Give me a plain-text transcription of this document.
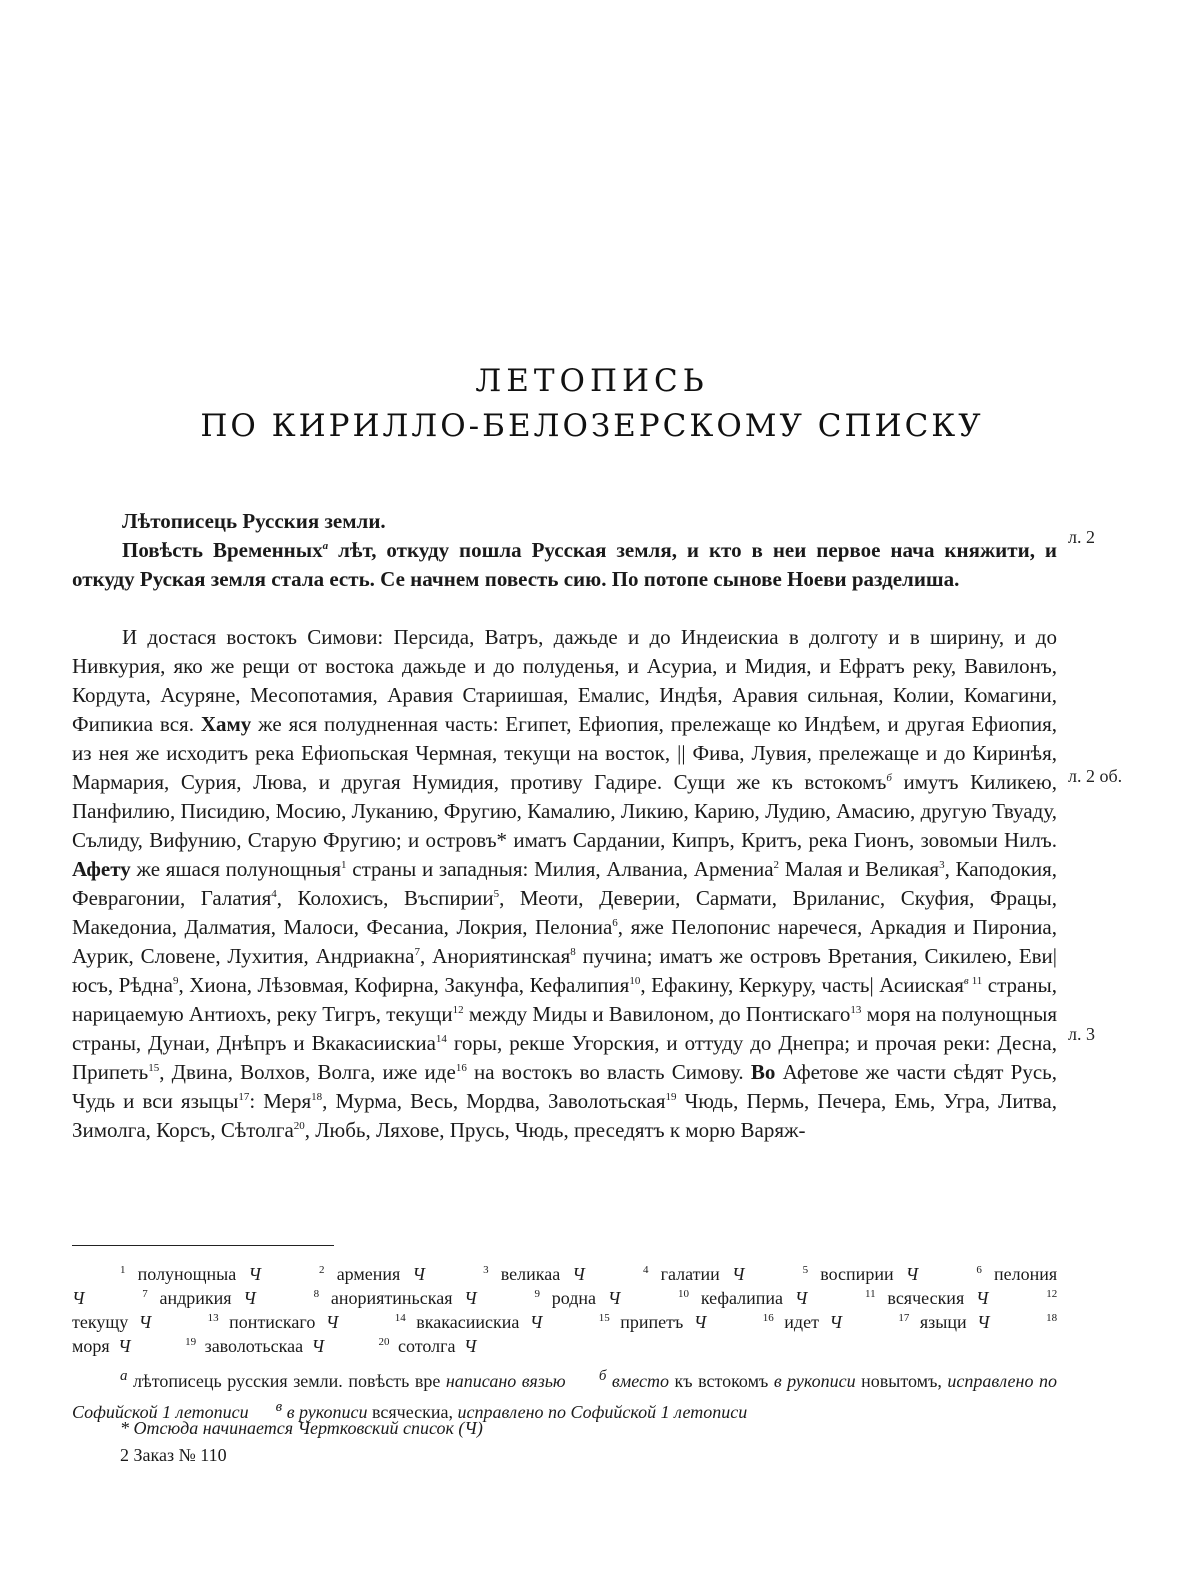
ЛЕТОПИСЬ
ПО КИРИЛЛО-БЕЛОЗЕРСКОМУ СПИСКУ
л. 2
л. 2 об.
л. 3

Лѣтописець Русския земли.

Повѣсть Временных$^а$ лѣт, откуду пошла Русская земля, и кто в неи первое нача княжити, и откуду Руская земля стала есть. Се начнем повесть сию. По потопе сынове Ноеви разделиша.

И достася востокъ Симови: Персида, Ватръ, дажьде и до Индеискиа в долготу и в ширину, и до Нивкурия, яко же рещи от востока дажьде и до полуденья, и Асуриа, и Мидия, и Ефратъ реку, Вавилонъ, Кордута, Асуряне, Месопотамия, Аравия Стариишая, Емалис, Индѣя, Аравия сильная, Колии, Комагини, Фипикиа вся. Хаму же яся полудненная часть: Египет, Ефиопия, прележаще ко Индѣем, и другая Ефиопия, из нея же исходитъ река Ефиопьская Чермная, текущи на восток, || Фива, Лувия, прележаще и до Киринѣя, Мармария, Сурия, Люва, и другая Нумидия, противу Гадире. Сущи же къ встокомъ$^б$ имутъ Киликею, Панфилию, Писидию, Мосию, Луканию, Фругию, Камалию, Ликию, Карию, Лудию, Амасию, другую Твуаду, Сълиду, Вифунию, Старую Фругию; и островъ* иматъ Сардании, Кипръ, Критъ, река Гионъ, зовомыи Нилъ. Афету же яшася полунощныя$^1$ страны и западныя: Милия, Алваниа, Армениа$^2$ Малая и Великая$^3$, Каподокия, Февpагонии, Галатия$^4$, Колохисъ, Въспирии$^5$, Меоти, Деверии, Сармати, Вриланис, Скуфия, Фрацы, Македониа, Далматия, Малоси, Фесаниа, Локрия, Пелониа$^6$, яже Пелопонис наречеся, Аркадия и Пирониа, Аурик, Словене, Лухития, Андриакна$^7$, Анориятинская$^8$ пучина; иматъ же островъ Вретания, Сикилею, Еви| юсъ, Рѣдна$^9$, Хиона, Лѣзовмая, Кофирна, Закунфа, Кефалипия$^{10}$, Ефакину, Керкуру, часть| Асииская$^{в 11}$ страны, нарицаемую Антиохъ, реку Тигръ, текущи$^{12}$ между Миды и Вавилоном, до Понтискаго$^{13}$ моря на полунощныя страны, Дунаи, Днѣпръ и Вкакасиискиа$^{14}$ горы, рекше Угорския, и оттуду до Днепра; и прочая реки: Десна, Припеть$^{15}$, Двина, Волхов, Волга, иже иде$^{16}$ на востокъ во власть Симову. Во Афетове же части сѣдят Русь, Чудь и вси языцы$^{17}$: Меря$^{18}$, Мурма, Весь, Мордва, Заволотьская$^{19}$ Чюдь, Пермь, Печера, Емь, Угра, Литва, Зимолга, Корсъ, Сѣтолга$^{20}$, Любь, Ляхове, Прусь, Чюдь, преседятъ к морю Варяж-

$^1$ полунощныа Ч	$^2$ армения Ч	$^3$ великаа Ч	$^4$ галатии Ч	$^5$ воспирии Ч	$^6$ пелония Ч	$^7$ андрикия Ч	$^8$ анориятиньская Ч	$^9$ родна Ч	$^{10}$ кефалипиа Ч	$^{11}$ всяческия Ч	$^{12}$ текущу Ч	$^{13}$ понтискаго Ч	$^{14}$ вкакасиискиа Ч	$^{15}$ припетъ Ч	$^{16}$ идет Ч	$^{17}$ языци Ч	$^{18}$ моря Ч	$^{19}$ заволотьскаа Ч	$^{20}$ сотолга Ч

$^а$ лѣтописець русския земли. повѣсть вре написано вязью $^б$ вместо къ встокомъ в рукописи новытомъ, исправлено по Софийской 1 летописи $^в$ в рукописи всяческиа, исправлено по Софийской 1 летописи

* Отсюда начинается Чертковский список (Ч)

2 Заказ № 110
